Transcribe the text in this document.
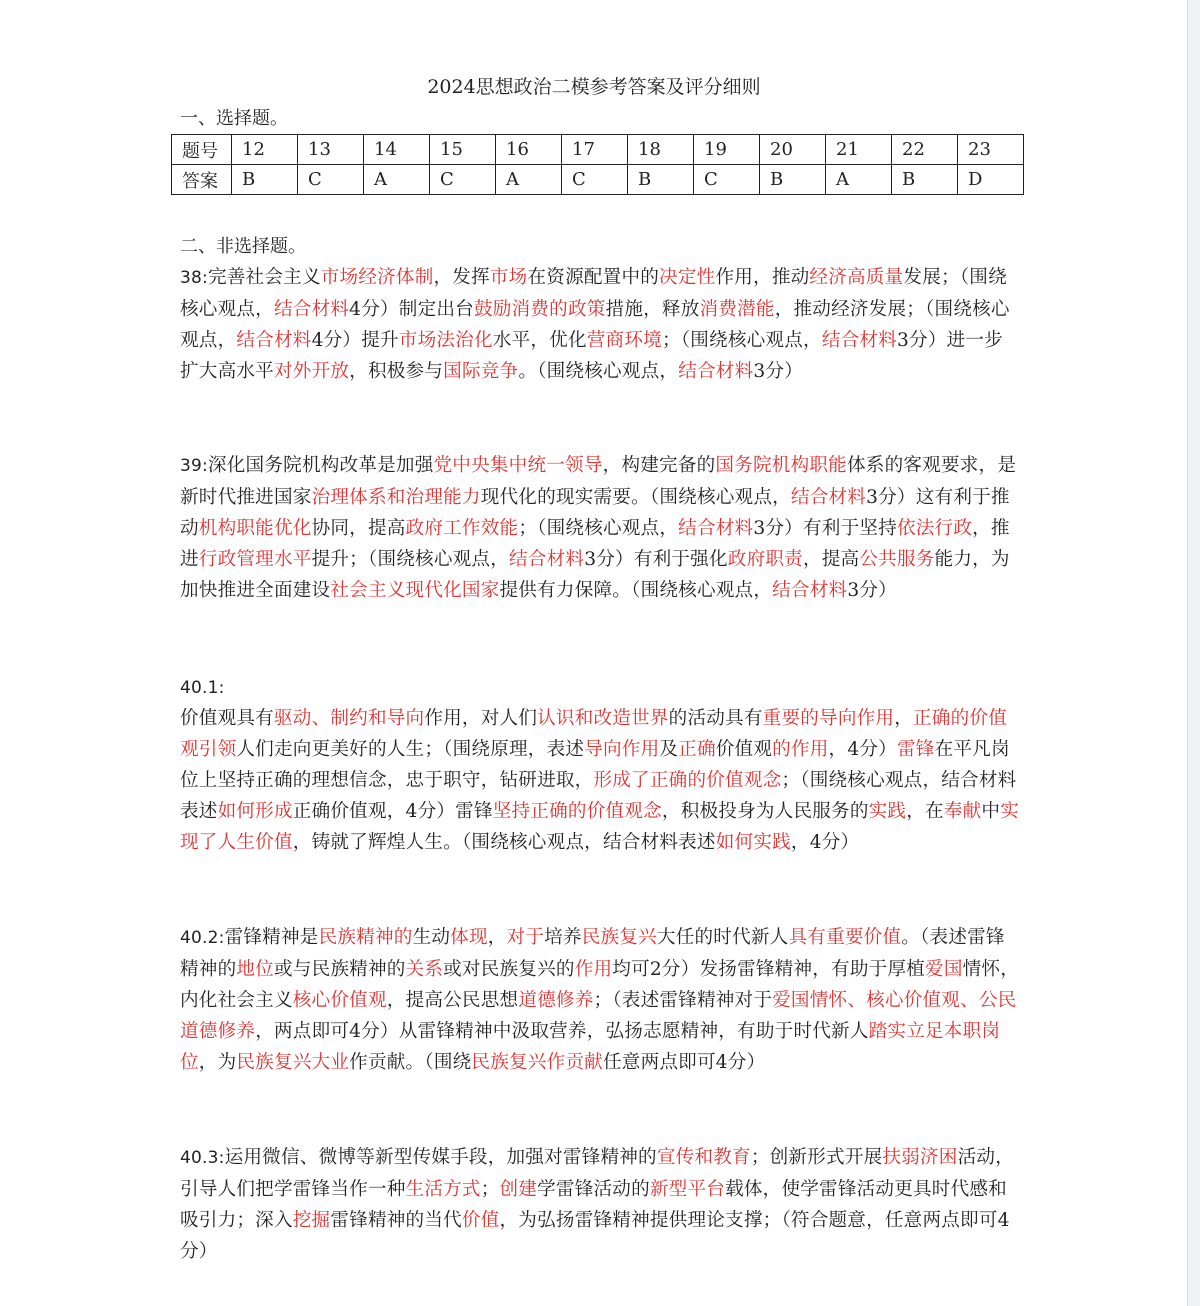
2024思想政治二模参考答案及评分细则
一、选择题。
题号	12	13	14	15	16	17	18	19	20	21	22	23
答案	B	C	A	C	A	C	B	C	B	A	B	D
二、非选择题。
38:完善社会主义市场经济体制，发挥市场在资源配置中的决定性作用，推动经济高质量发展；（围绕核心观点，结合材料4分）制定出台鼓励消费的政策措施，释放消费潜能，推动经济发展；（围绕核心观点，结合材料4分）提升市场法治化水平，优化营商环境；（围绕核心观点，结合材料3分）进一步扩大高水平对外开放，积极参与国际竞争。（围绕核心观点，结合材料3分）
39:深化国务院机构改革是加强党中央集中统一领导，构建完备的国务院机构职能体系的客观要求，是新时代推进国家治理体系和治理能力现代化的现实需要。（围绕核心观点，结合材料3分）这有利于推动机构职能优化协同，提高政府工作效能；（围绕核心观点，结合材料3分）有利于坚持依法行政，推进行政管理水平提升；（围绕核心观点，结合材料3分）有利于强化政府职责，提高公共服务能力，为加快推进全面建设社会主义现代化国家提供有力保障。（围绕核心观点，结合材料3分）
40.1:
价值观具有驱动、制约和导向作用，对人们认识和改造世界的活动具有重要的导向作用，正确的价值观引领人们走向更美好的人生；（围绕原理，表述导向作用及正确价值观的作用，4分）雷锋在平凡岗位上坚持正确的理想信念，忠于职守，钻研进取，形成了正确的价值观念；（围绕核心观点，结合材料表述如何形成正确价值观，4分）雷锋坚持正确的价值观念，积极投身为人民服务的实践，在奉献中实现了人生价值，铸就了辉煌人生。（围绕核心观点，结合材料表述如何实践，4分）
40.2:雷锋精神是民族精神的生动体现，对于培养民族复兴大任的时代新人具有重要价值。（表述雷锋精神的地位或与民族精神的关系或对民族复兴的作用均可2分）发扬雷锋精神，有助于厚植爱国情怀，内化社会主义核心价值观，提高公民思想道德修养；（表述雷锋精神对于爱国情怀、核心价值观、公民道德修养，两点即可4分）从雷锋精神中汲取营养，弘扬志愿精神，有助于时代新人踏实立足本职岗位，为民族复兴大业作贡献。（围绕民族复兴作贡献任意两点即可4分）
40.3:运用微信、微博等新型传媒手段，加强对雷锋精神的宣传和教育；创新形式开展扶弱济困活动，引导人们把学雷锋当作一种生活方式；创建学雷锋活动的新型平台载体，使学雷锋活动更具时代感和吸引力；深入挖掘雷锋精神的当代价值，为弘扬雷锋精神提供理论支撑；（符合题意，任意两点即可4分）
